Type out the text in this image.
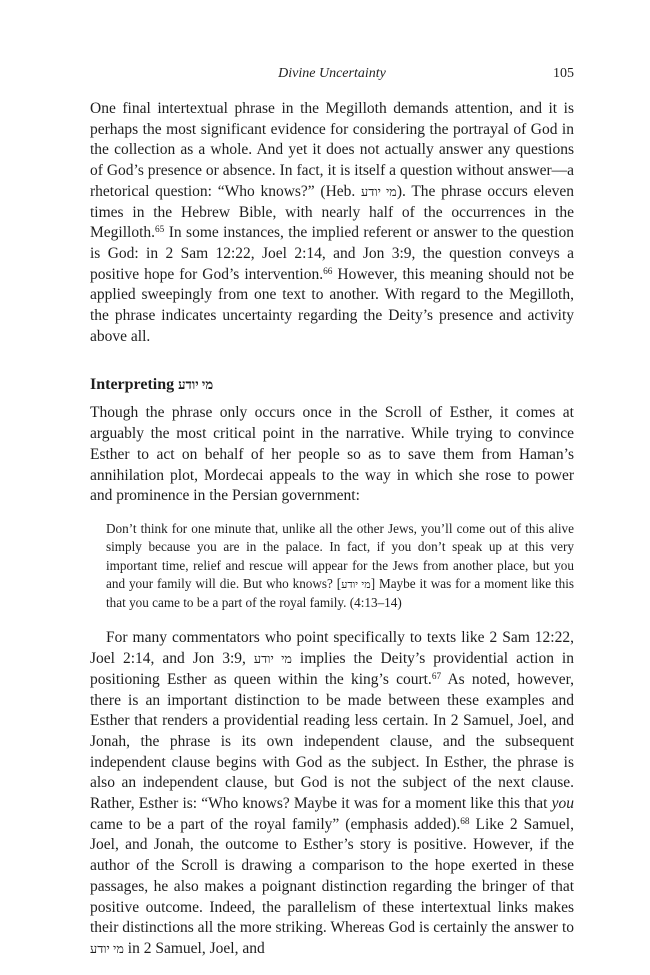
Divine Uncertainty	105

One final intertextual phrase in the Megilloth demands attention, and it is perhaps the most significant evidence for considering the portrayal of God in the collection as a whole. And yet it does not actually answer any questions of God’s presence or absence. In fact, it is itself a question without answer—a rhetorical question: “Who knows?” (Heb. מי יודע). The phrase occurs eleven times in the Hebrew Bible, with nearly half of the occurrences in the Megilloth.$^{65}$ In some instances, the implied referent or answer to the question is God: in 2 Sam 12:22, Joel 2:14, and Jon 3:9, the question conveys a positive hope for God’s intervention.$^{66}$ However, this meaning should not be applied sweepingly from one text to another. With regard to the Megilloth, the phrase indicates uncertainty regarding the Deity’s presence and activity above all.

Interpreting מי יודע

Though the phrase only occurs once in the Scroll of Esther, it comes at arguably the most critical point in the narrative. While trying to convince Esther to act on behalf of her people so as to save them from Haman’s annihilation plot, Mordecai appeals to the way in which she rose to power and prominence in the Persian government:

Don’t think for one minute that, unlike all the other Jews, you’ll come out of this alive simply because you are in the palace. In fact, if you don’t speak up at this very important time, relief and rescue will appear for the Jews from another place, but you and your family will die. But who knows? [מי יודע] Maybe it was for a moment like this that you came to be a part of the royal family. (4:13–14)

For many commentators who point specifically to texts like 2 Sam 12:22, Joel 2:14, and Jon 3:9, מי יודע implies the Deity’s providential action in positioning Esther as queen within the king’s court.$^{67}$ As noted, however, there is an important distinction to be made between these examples and Esther that renders a providential reading less certain. In 2 Samuel, Joel, and Jonah, the phrase is its own independent clause, and the subsequent independent clause begins with God as the subject. In Esther, the phrase is also an independent clause, but God is not the subject of the next clause. Rather, Esther is: “Who knows? Maybe it was for a moment like this that you came to be a part of the royal family” (emphasis added).$^{68}$ Like 2 Samuel, Joel, and Jonah, the outcome to Esther’s story is positive. However, if the author of the Scroll is drawing a comparison to the hope exerted in these passages, he also makes a poignant distinction regarding the bringer of that positive outcome. Indeed, the parallelism of these intertextual links makes their distinctions all the more striking. Whereas God is certainly the answer to מי יודע in 2 Samuel, Joel, and
